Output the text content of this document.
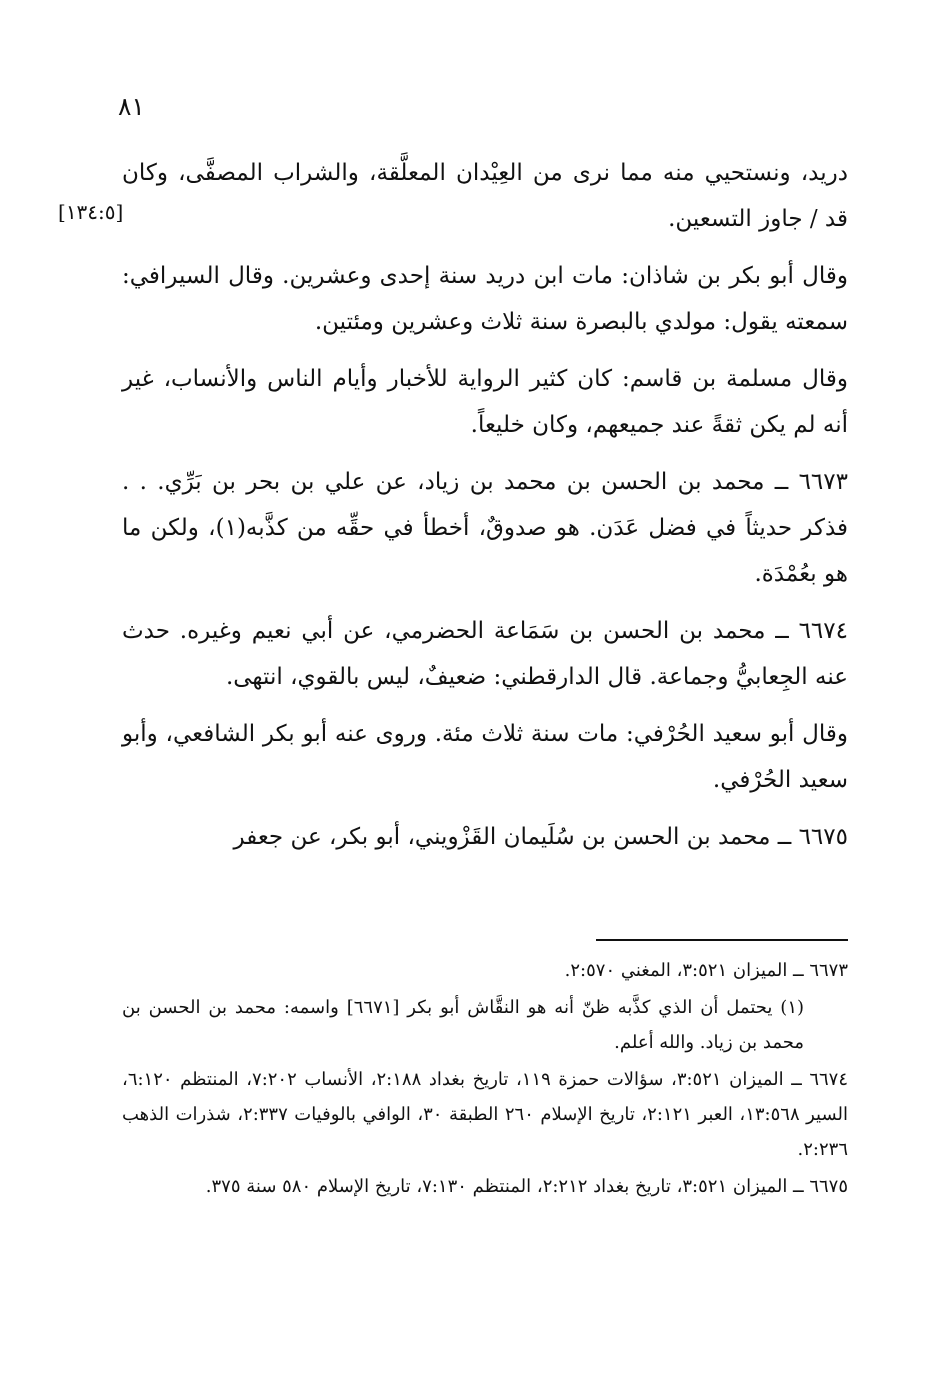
٨١
[١٣٤:٥]

دريد، ونستحيي منه مما نرى من العِيْدان المعلَّقة، والشراب المصفَّى، وكان قد / جاوز التسعين.

وقال أبو بكر بن شاذان: مات ابن دريد سنة إحدى وعشرين. وقال السيرافي: سمعته يقول: مولدي بالبصرة سنة ثلاث وعشرين ومئتين.

وقال مسلمة بن قاسم: كان كثير الرواية للأخبار وأيام الناس والأنساب، غير أنه لم يكن ثقةً عند جميعهم، وكان خليعاً.

٦٦٧٣ ــ محمد بن الحسن بن محمد بن زياد، عن علي بن بحر بن بَرِّي. . . فذكر حديثاً في فضل عَدَن. هو صدوقٌ، أخطأ في حقِّه من كذَّبه(١)، ولكن ما هو بعُمْدَة.

٦٦٧٤ ــ محمد بن الحسن بن سَمَاعة الحضرمي، عن أبي نعيم وغيره. حدث عنه الجِعابيُّ وجماعة. قال الدارقطني: ضعيفٌ، ليس بالقوي، انتهى.

وقال أبو سعيد الحُرْفي: مات سنة ثلاث مئة. وروى عنه أبو بكر الشافعي، وأبو سعيد الحُرْفي.

٦٦٧٥ ــ محمد بن الحسن بن سُلَيمان القَزْويني، أبو بكر، عن جعفر

٦٦٧٣ ــ الميزان ٣:٥٢١، المغني ٢:٥٧٠.

(١) يحتمل أن الذي كذَّبه ظنّ أنه هو النقَّاش أبو بكر [٦٦٧١] واسمه: محمد بن الحسن بن محمد بن زياد. والله أعلم.

٦٦٧٤ ــ الميزان ٣:٥٢١، سؤالات حمزة ١١٩، تاريخ بغداد ٢:١٨٨، الأنساب ٧:٢٠٢، المنتظم ٦:١٢٠، السير ١٣:٥٦٨، العبر ٢:١٢١، تاريخ الإسلام ٢٦٠ الطبقة ٣٠، الوافي بالوفيات ٢:٣٣٧، شذرات الذهب ٢:٢٣٦.

٦٦٧٥ ــ الميزان ٣:٥٢١، تاريخ بغداد ٢:٢١٢، المنتظم ٧:١٣٠، تاريخ الإسلام ٥٨٠ سنة ٣٧٥.
